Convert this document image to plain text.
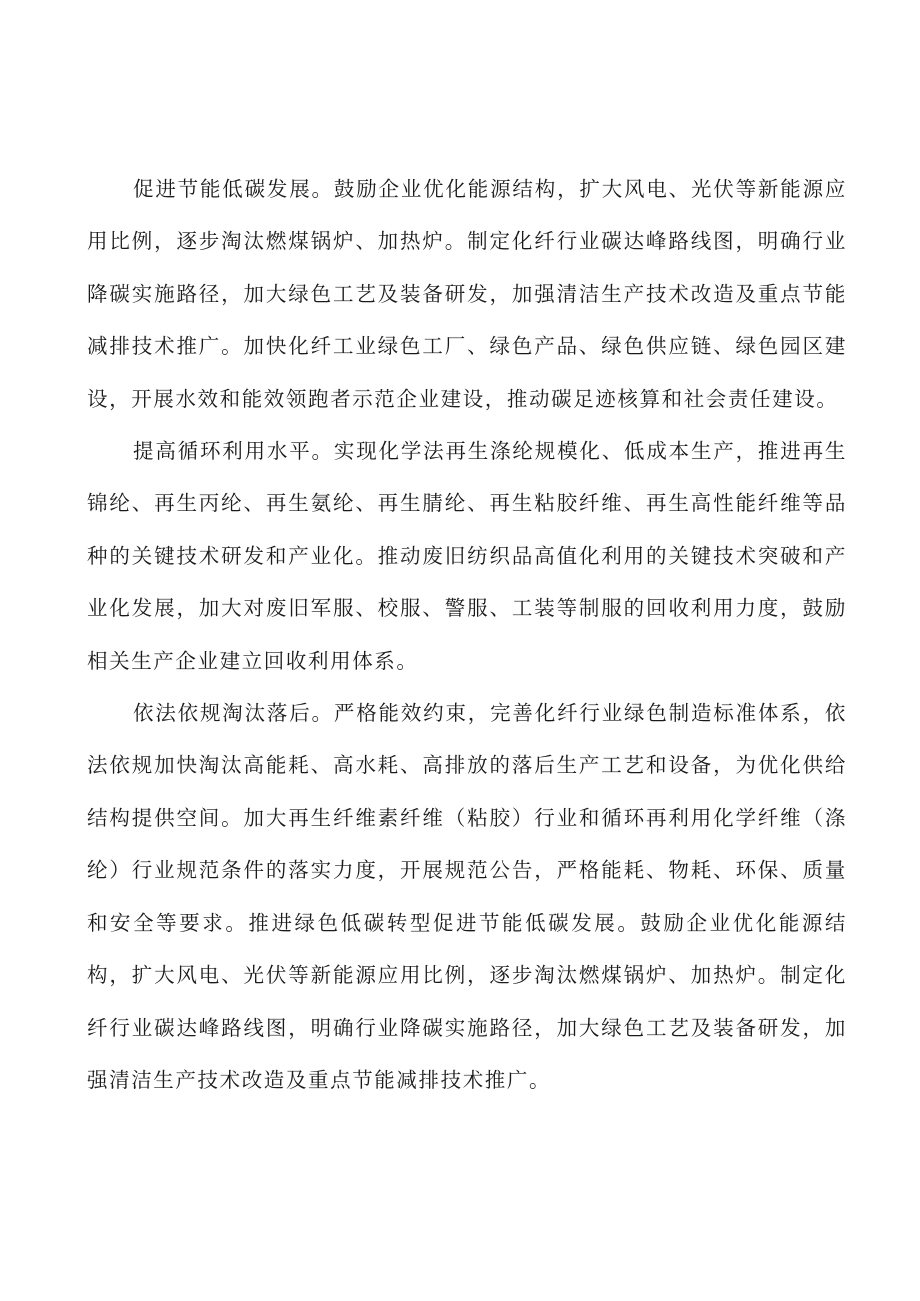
促进节能低碳发展。鼓励企业优化能源结构，扩大风电、光伏等新能源应用比例，逐步淘汰燃煤锅炉、加热炉。制定化纤行业碳达峰路线图，明确行业降碳实施路径，加大绿色工艺及装备研发，加强清洁生产技术改造及重点节能减排技术推广。加快化纤工业绿色工厂、绿色产品、绿色供应链、绿色园区建设，开展水效和能效领跑者示范企业建设，推动碳足迹核算和社会责任建设。

提高循环利用水平。实现化学法再生涤纶规模化、低成本生产，推进再生锦纶、再生丙纶、再生氨纶、再生腈纶、再生粘胶纤维、再生高性能纤维等品种的关键技术研发和产业化。推动废旧纺织品高值化利用的关键技术突破和产业化发展，加大对废旧军服、校服、警服、工装等制服的回收利用力度，鼓励相关生产企业建立回收利用体系。

依法依规淘汰落后。严格能效约束，完善化纤行业绿色制造标准体系，依法依规加快淘汰高能耗、高水耗、高排放的落后生产工艺和设备，为优化供给结构提供空间。加大再生纤维素纤维（粘胶）行业和循环再利用化学纤维（涤纶）行业规范条件的落实力度，开展规范公告，严格能耗、物耗、环保、质量和安全等要求。推进绿色低碳转型促进节能低碳发展。鼓励企业优化能源结构，扩大风电、光伏等新能源应用比例，逐步淘汰燃煤锅炉、加热炉。制定化纤行业碳达峰路线图，明确行业降碳实施路径，加大绿色工艺及装备研发，加强清洁生产技术改造及重点节能减排技术推广。
